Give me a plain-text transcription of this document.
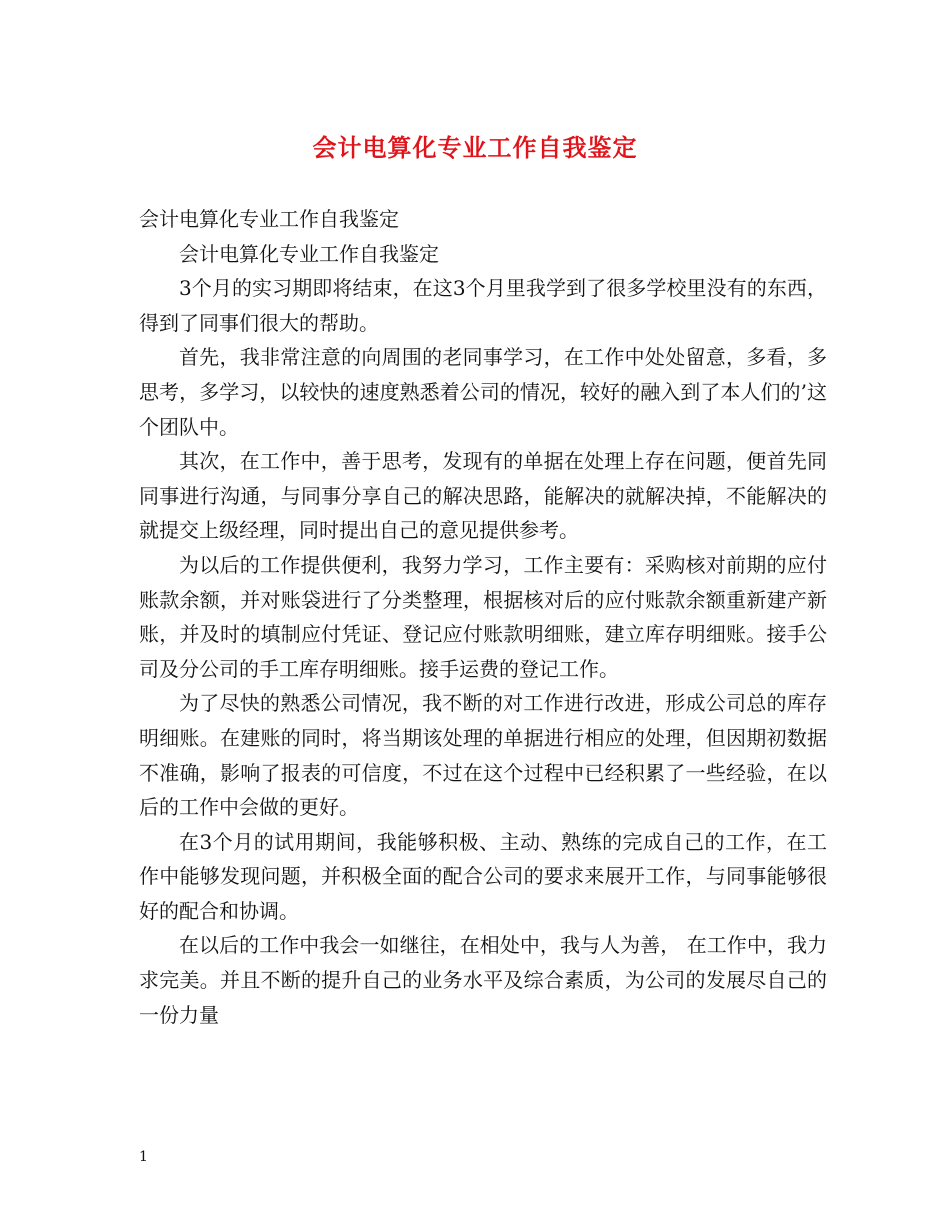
会计电算化专业工作自我鉴定

会计电算化专业工作自我鉴定

会计电算化专业工作自我鉴定

3个月的实习期即将结束，在这3个月里我学到了很多学校里没有的东西，得到了同事们很大的帮助。

首先，我非常注意的向周围的老同事学习，在工作中处处留意，多看，多思考，多学习，以较快的速度熟悉着公司的情况，较好的融入到了本人们的’这个团队中。

其次，在工作中，善于思考，发现有的单据在处理上存在问题，便首先同同事进行沟通，与同事分享自己的解决思路，能解决的就解决掉，不能解决的就提交上级经理，同时提出自己的意见提供参考。

为以后的工作提供便利，我努力学习，工作主要有：采购核对前期的应付账款余额，并对账袋进行了分类整理，根据核对后的应付账款余额重新建产新账，并及时的填制应付凭证、登记应付账款明细账，建立库存明细账。接手公司及分公司的手工库存明细账。接手运费的登记工作。

为了尽快的熟悉公司情况，我不断的对工作进行改进，形成公司总的库存明细账。在建账的同时，将当期该处理的单据进行相应的处理，但因期初数据不准确，影响了报表的可信度，不过在这个过程中已经积累了一些经验，在以后的工作中会做的更好。

在3个月的试用期间，我能够积极、主动、熟练的完成自己的工作，在工作中能够发现问题，并积极全面的配合公司的要求来展开工作，与同事能够很好的配合和协调。

在以后的工作中我会一如继往，在相处中，我与人为善， 在工作中，我力求完美。并且不断的提升自己的业务水平及综合素质，为公司的发展尽自己的一份力量

1
